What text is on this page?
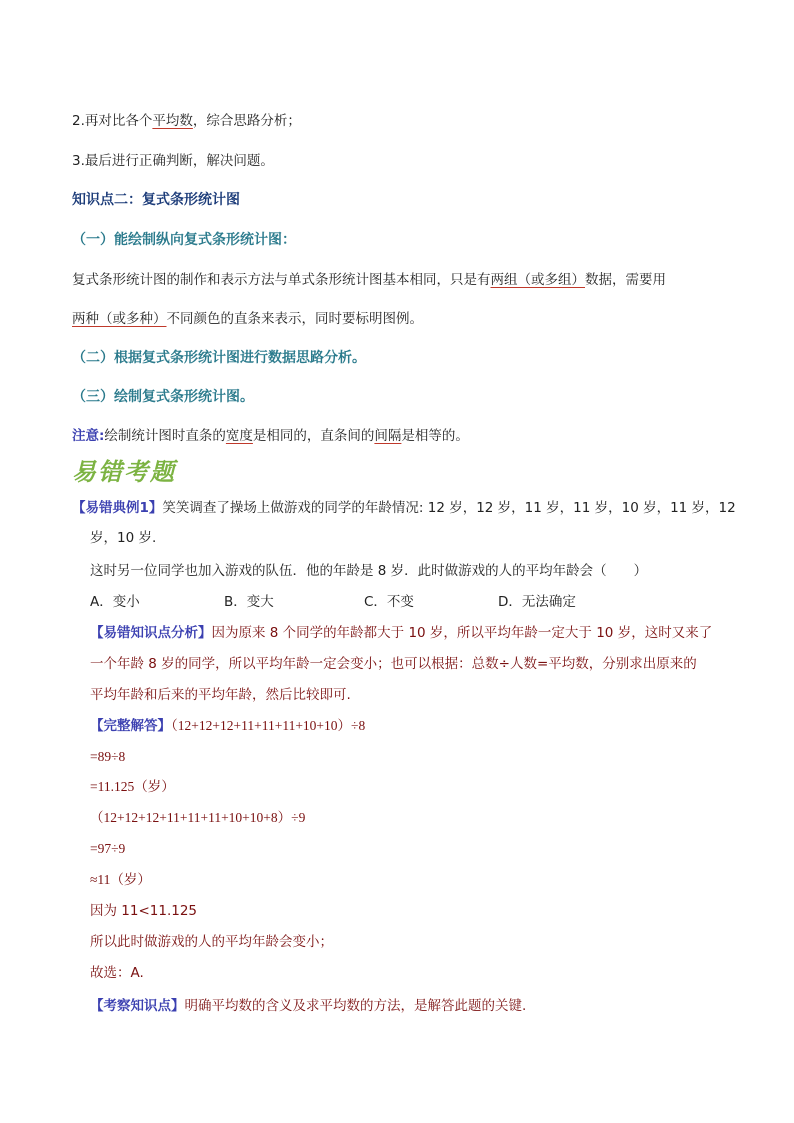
2.再对比各个平均数，综合思路分析；
3.最后进行正确判断，解决问题。
知识点二：复式条形统计图
（一）能绘制纵向复式条形统计图：
复式条形统计图的制作和表示方法与单式条形统计图基本相同，只是有两组（或多组）数据，需要用
两种（或多种）不同颜色的直条来表示，同时要标明图例。
（二）根据复式条形统计图进行数据思路分析。
（三）绘制复式条形统计图。
注意:绘制统计图时直条的宽度是相同的，直条间的间隔是相等的。
易错考题
【易错典例1】笑笑调查了操场上做游戏的同学的年龄情况: 12 岁，12 岁，11 岁，11 岁，10 岁，11 岁，12
岁，10 岁.
这时另一位同学也加入游戏的队伍．他的年龄是 8 岁．此时做游戏的人的平均年龄会（　　）
A．变小	B．变大	C．不变	D．无法确定
【易错知识点分析】因为原来 8 个同学的年龄都大于 10 岁，所以平均年龄一定大于 10 岁，这时又来了
一个年龄 8 岁的同学，所以平均年龄一定会变小；也可以根据：总数÷人数=平均数，分别求出原来的
平均年龄和后来的平均年龄，然后比较即可.
【完整解答】（12+12+12+11+11+11+10+10）÷8
=89÷8
=11.125（岁）
（12+12+12+11+11+11+10+10+8）÷9
=97÷9
≈11（岁）
因为 11<11.125
所以此时做游戏的人的平均年龄会变小；
故选：A.
【考察知识点】明确平均数的含义及求平均数的方法，是解答此题的关键.
